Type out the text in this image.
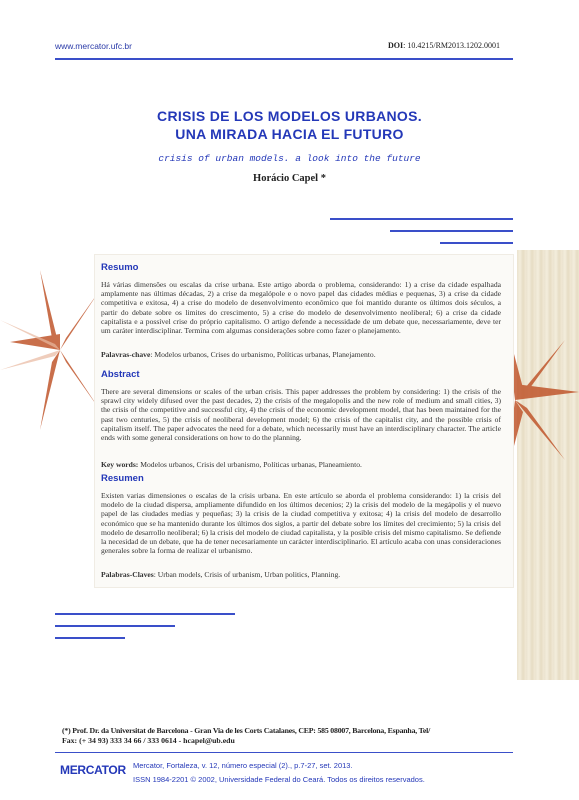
www.mercator.ufc.br	DOI: 10.4215/RM2013.1202.0001
CRISIS DE LOS MODELOS URBANOS.
UNA MIRADA HACIA EL FUTURO
crisis of urban models. a look into the future
Horácio Capel *
Resumo
Há várias dimensões ou escalas da crise urbana. Este artigo aborda o problema, considerando: 1) a crise da cidade espalhada amplamente nas últimas décadas, 2) a crise da megalópole e o novo papel das cidades médias e pequenas, 3) a crise da cidade competitiva e exitosa, 4) a crise do modelo de desenvolvimento econômico que foi mantido durante os últimos dois séculos, a partir do debate sobre os limites do crescimento, 5) a crise do modelo de desenvolvimento neoliberal; 6) a crise da cidade capitalista e a possível crise do próprio capitalismo. O artigo defende a necessidade de um debate que, necessariamente, deve ter um caráter interdisciplinar. Termina com algumas considerações sobre como fazer o planejamento.
Palavras-chave: Modelos urbanos, Crises do urbanismo, Políticas urbanas, Planejamento.
Abstract
There are several dimensions or scales of the urban crisis. This paper addresses the problem by considering: 1) the crisis of the sprawl city widely difused over the past decades, 2) the crisis of the megalopolis and the new role of medium and small cities, 3) the crisis of the competitive and successful city, 4) the crisis of the economic development model, that has been maintained for the past two centuries, 5) the crisis of neoliberal development model; 6) the crisis of the capitalist city, and the possible crisis of capitalism itself. The paper advocates the need for a debate, which necessarily must have an interdisciplinary character. The article ends with some general considerations on how to do the planning.
Key words: Modelos urbanos, Crisis del urbanismo, Políticas urbanas, Planeamiento.
Resumen
Existen varias dimensiones o escalas de la crisis urbana. En este artículo se aborda el problema considerando: 1) la crisis del modelo de la ciudad dispersa, ampliamente difundido en los últimos decenios; 2) la crisis del modelo de la megápolis y el nuevo papel de las ciudades medias y pequeñas; 3) la crisis de la ciudad competitiva y exitosa; 4) la crisis del modelo de desarrollo económico que se ha mantenido durante los últimos dos siglos, a partir del debate sobre los límites del crecimiento; 5) la crisis del modelo de desarrollo neoliberal; 6) la crisis del modelo de ciudad capitalista, y la posible crisis del mismo capitalismo. Se defiende la necesidad de un debate, que ha de tener necesariamente un carácter interdisciplinario. El artículo acaba con unas consideraciones generales sobre la forma de realizar el urbanismo.
Palabras-Claves: Urban models, Crisis of urbanism, Urban politics, Planning.
(*) Prof. Dr. da Universitat de Barcelona - Gran Via de les Corts Catalanes, CEP: 585 08007, Barcelona, Espanha, Tel/
Fax: (+ 34 93) 333 34 66 / 333 0614 - hcapel@ub.edu
MERCATOR Mercator, Fortaleza, v. 12, número especial (2)., p.7-27, set. 2013.
ISSN 1984-2201 © 2002, Universidade Federal do Ceará. Todos os direitos reservados.
